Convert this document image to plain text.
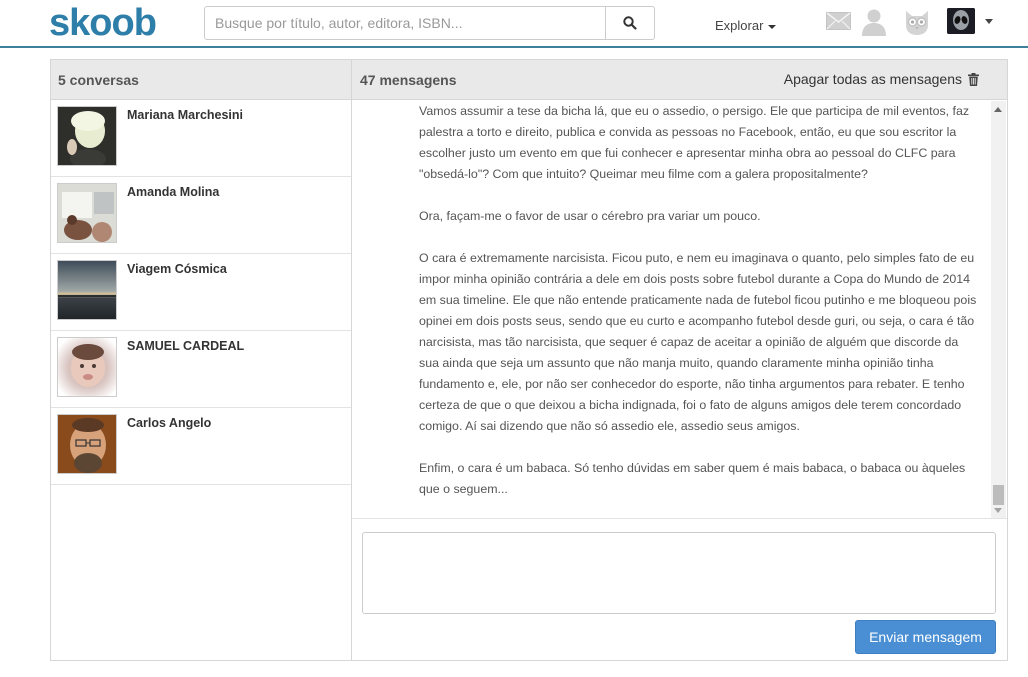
skoob
Busque por título, autor, editora, ISBN...	Explorar
5 conversas
Mariana Marchesini
Amanda Molina
Viagem Cósmica
SAMUEL CARDEAL
Carlos Angelo
47 mensagens	Apagar todas as mensagens

Vamos assumir a tese da bicha lá, que eu o assedio, o persigo. Ele que participa de mil eventos, faz palestra a torto e direito, publica e convida as pessoas no Facebook, então, eu que sou escritor la escolher justo um evento em que fui conhecer e apresentar minha obra ao pessoal do CLFC para "obsedá-lo"? Com que intuito? Queimar meu filme com a galera propositalmente?

Ora, façam-me o favor de usar o cérebro pra variar um pouco.

O cara é extremamente narcisista. Ficou puto, e nem eu imaginava o quanto, pelo simples fato de eu impor minha opinião contrária a dele em dois posts sobre futebol durante a Copa do Mundo de 2014 em sua timeline. Ele que não entende praticamente nada de futebol ficou putinho e me bloqueou pois opinei em dois posts seus, sendo que eu curto e acompanho futebol desde guri, ou seja, o cara é tão narcisista, mas tão narcisista, que sequer é capaz de aceitar a opinião de alguém que discorde da sua ainda que seja um assunto que não manja muito, quando claramente minha opinião tinha fundamento e, ele, por não ser conhecedor do esporte, não tinha argumentos para rebater. E tenho certeza de que o que deixou a bicha indignada, foi o fato de alguns amigos dele terem concordado comigo. Aí sai dizendo que não só assedio ele, assedio seus amigos.

Enfim, o cara é um babaca. Só tenho dúvidas em saber quem é mais babaca, o babaca ou àqueles que o seguem...

Enviar mensagem
